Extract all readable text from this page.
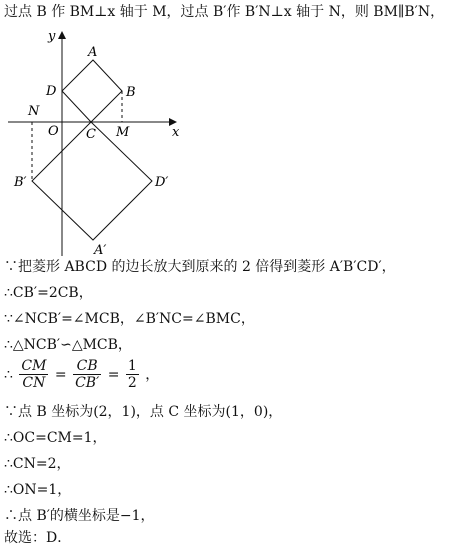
过点 B 作 BM⊥x 轴于 M，过点 B′作 B′N⊥x 轴于 N，则 BM∥B′N，
y
x
A
B
D
C M
N
O
B′	D′
A′
∵把菱形 ABCD 的边长放大到原来的 2 倍得到菱形 A′B′CD′，
∴CB′=2CB，
∵∠NCB′=∠MCB，∠B′NC=∠BMC，
∴△NCB′∽△MCB，
∴ $\frac{CM}{CN} = \frac{CB}{CB'} = \frac{1}{2}$ ，
∵点 B 坐标为(2，1)，点 C 坐标为(1，0)，
∴OC=CM=1，
∴CN=2，
∴ON=1，
∴点 B′的横坐标是−1，
故选：D．
